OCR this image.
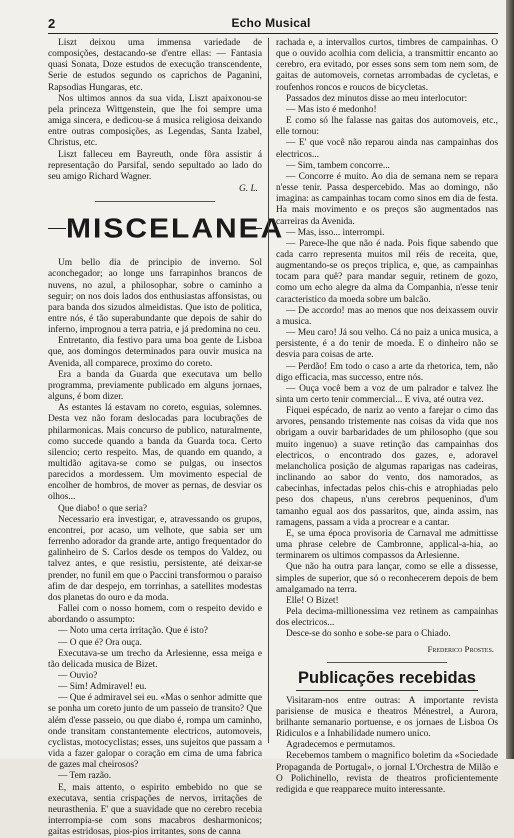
2	Echo Musical

Liszt deixou uma immensa variedade de composições, destacando-se d'entre ellas: — Fantasia quasi Sonata, Doze estudos de execução transcendente, Serie de estudos segundo os caprichos de Paganini, Rapsodias Hungaras, etc.

Nos ultimos annos da sua vida, Liszt apaixonou-se pela princeza Wittgenstein, que lhe foi sempre uma amiga sincera, e dedicou-se á musica religiosa deixando entre outras composições, as Legendas, Santa Izabel, Christus, etc.

Liszt falleceu em Bayreuth, onde fôra assistir á representação do Parsifal, sendo sepultado ao lado do seu amigo Richard Wagner.

G. L.
MISCELANEA

Um bello dia de principio de inverno. Sol aconchegador; ao longe uns farrapinhos brancos de nuvens, no azul, a philosophar, sobre o caminho a seguir; on nos dois lados dos enthusiastas affonsistas, ou para banda dos sizudos almeidistas. Que isto de politica, entre nós, é tão superabundante que depois de sahir do inferno, imprognou a terra patria, e já predomina no ceu.

Entretanto, dia festivo para uma boa gente de Lisboa que, aos domingos determinados para ouvir musica na Avenida, all comparece, proximo do coreto.

Era a banda da Guarda que executava um bello programma, previamente publicado em alguns jornaes, alguns, é bom dizer.

As estantes lá estavam no coreto, esguias, solemnes. Desta vez não foram deslocadas para locubrações de philarmonicas. Mais concurso de publico, naturalmente, como succede quando a banda da Guarda toca. Certo silencio; certo respeito. Mas, de quando em quando, a multidão agitava-se como se pulgas, ou insectos parecidos a mordessem. Um movimento especial de encolher de hombros, de mover as pernas, de desviar os olhos...

Que diabo! o que seria?

Necessario era investigar, e, atravessando os grupos, encontrei, por acaso, um velhote, que sabia ser um ferrenho adorador da grande arte, antigo frequentador do galinheiro de S. Carlos desde os tempos do Valdez, ou talvez antes, e que resistiu, persistente, até deixar-se prender, no funil em que o Paccini transformou o paraiso afim de dar despejo, em torrinhas, a satellites modestas dos planetas do ouro e da moda.

Fallei com o nosso homem, com o respeito devido e abordando o assumpto:

— Noto uma certa irritação. Que é isto?

— O que é? Ora ouça.

Executava-se um trecho da Arlesienne, essa meiga e tão delicada musica de Bizet.

— Ouvio?

— Sim! Admiravel! eu.

— Que é admiravel sei eu. «Mas o senhor admitte que se ponha um coreto junto de um passeio de transito? Que além d'esse passeio, ou que diabo é, rompa um caminho, onde transitam constantemente electricos, automoveis, cyclistas, motocyclistas; esses, uns sujeitos que passam a vida a fazer galopar o coração em cima de uma fabrica de gazes mal cheirosos?

— Tem razão.

E, mais attento, o espirito embebido no que se executava, sentia crispações de nervos, irritações de neurasthenia. E' que a suavidade que no cerebro recebia interrompia-se com sons macabros desharmonicos; gaitas estridosas, pios-pios irritantes, sons de canna

rachada e, a intervallos curtos, timbres de campainhas. O que o ouvido acolhia com delicia, a transmittir encanto ao cerebro, era evitado, por esses sons sem tom nem som, de gaitas de automoveis, cornetas arrombadas de cycletas, e roufenhos roncos e roucos de bicycletas.

Passados dez minutos disse ao meu interlocutor:

— Mas isto é medonho!

E como só lhe falasse nas gaitas dos automoveis, etc., elle tornou:

— E' que você não reparou ainda nas campainhas dos electricos...

— Sim, tambem concorre...

— Concorre é muito. Ao dia de semana nem se repara n'esse tenir. Passa despercebido. Mas ao domingo, não imagina: as campainhas tocam como sinos em dia de festa. Ha mais movimento e os preços são augmentados nas carreiras da Avenida.

— Mas, isso... interrompi.

— Parece-lhe que não é nada. Pois fique sabendo que cada carro representa muitos mil réis de receita, que, augmentando-se os preços triplica, e, que, as campainhas tocam para quê? para mandar seguir, retinem de gozo, como um echo alegre da alma da Companhia, n'esse tenir caracteristico da moeda sobre um balcão.

— De accordo! mas ao menos que nos deixassem ouvir a musica.

— Meu caro! Já sou velho. Cá no paiz a unica musica, a persistente, é a do tenir de moeda. E o dinheiro não se desvia para coisas de arte.

— Perdão! Em todo o caso a arte da rhetorica, tem, não digo efficacia, mas successo, entre nós.

— Ouça você bem a voz de um palrador e talvez lhe sinta um certo tenir commercial... E viva, até outra vez.

Fiquei espécado, de nariz ao vento a farejar o cimo das arvores, pensando tristemente nas coisas da vida que nos obrigam a ouvir barbaridades de um philosopho (que sou muito ingenuo) a suave retinção das campainhas dos electricos, o encontrado dos gazes, e, adoravel melancholica posição de algumas raparigas nas cadeiras, inclinando ao sabor do vento, dos namorados, as cabecinhas, infectadas pelos chis-chis e atrophiadas pelo peso dos chapeus, n'uns cerebros pequeninos, d'um tamanho egual aos dos passaritos, que, ainda assim, nas ramagens, passam a vida a procrear e a cantar.

E, se uma época provisoria de Carnaval me admittisse uma phrase celebre de Cambronne, applical-a-hia, ao terminarem os ultimos compassos da Arlesienne.

Que não ha outra para lançar, como se elle a dissesse, simples de superior, que só o reconhecerem depois de bem amalgamado na terra.

Elle! O Bizet!

Pela decima-millionessima vez retinem as campainhas dos electricos...

Desce-se do sonho e sobe-se para o Chiado.

Frederico Prostes.
Publicações recebidas

Visitaram-nos entre outras: A importante revista parisiense de musica e theatros Ménestrel, a Aurora, brilhante semanario portuense, e os jornaes de Lisboa Os Ridiculos e a Inhabilidade numero unico.

Agradecemos e permutamos.

Recebemos tambem o magnifico boletim da «Sociedade Propaganda de Portugal», o jornal L'Orchestra de Milão e O Polichinello, revista de theatros proficientemente redigida e que reapparece muito interessante.
